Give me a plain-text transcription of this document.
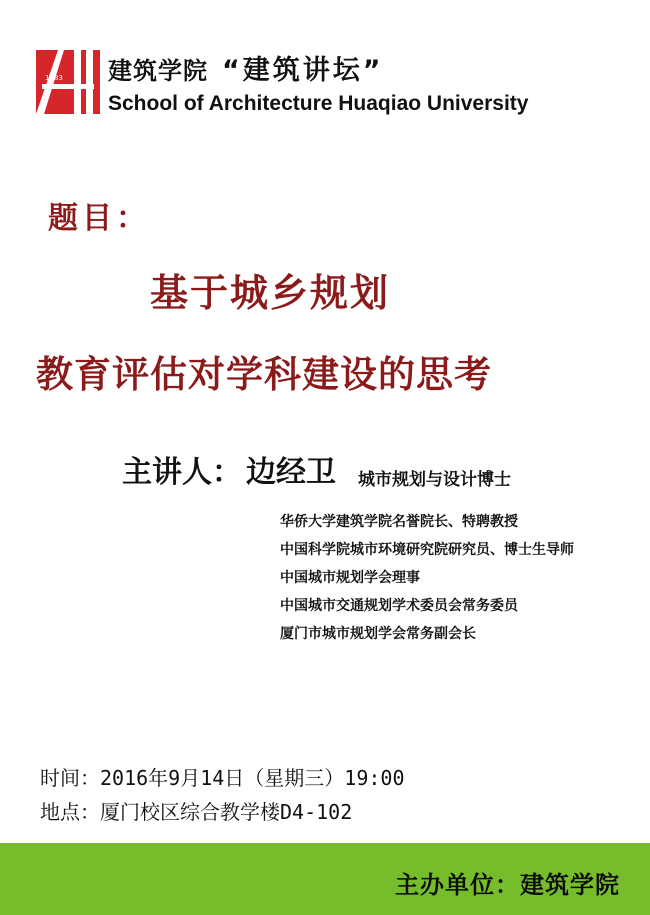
1983 建筑学院 “建筑讲坛”
School of Architecture Huaqiao University
题目：
基于城乡规划
教育评估对学科建设的思考
主讲人： 边经卫 城市规划与设计博士
华侨大学建筑学院名誉院长、特聘教授
中国科学院城市环境研究院研究员、博士生导师
中国城市规划学会理事
中国城市交通规划学术委员会常务委员
厦门市城市规划学会常务副会长
时间：2016年9月14日（星期三）19:00
地点：厦门校区综合教学楼D4-102
主办单位：建筑学院
